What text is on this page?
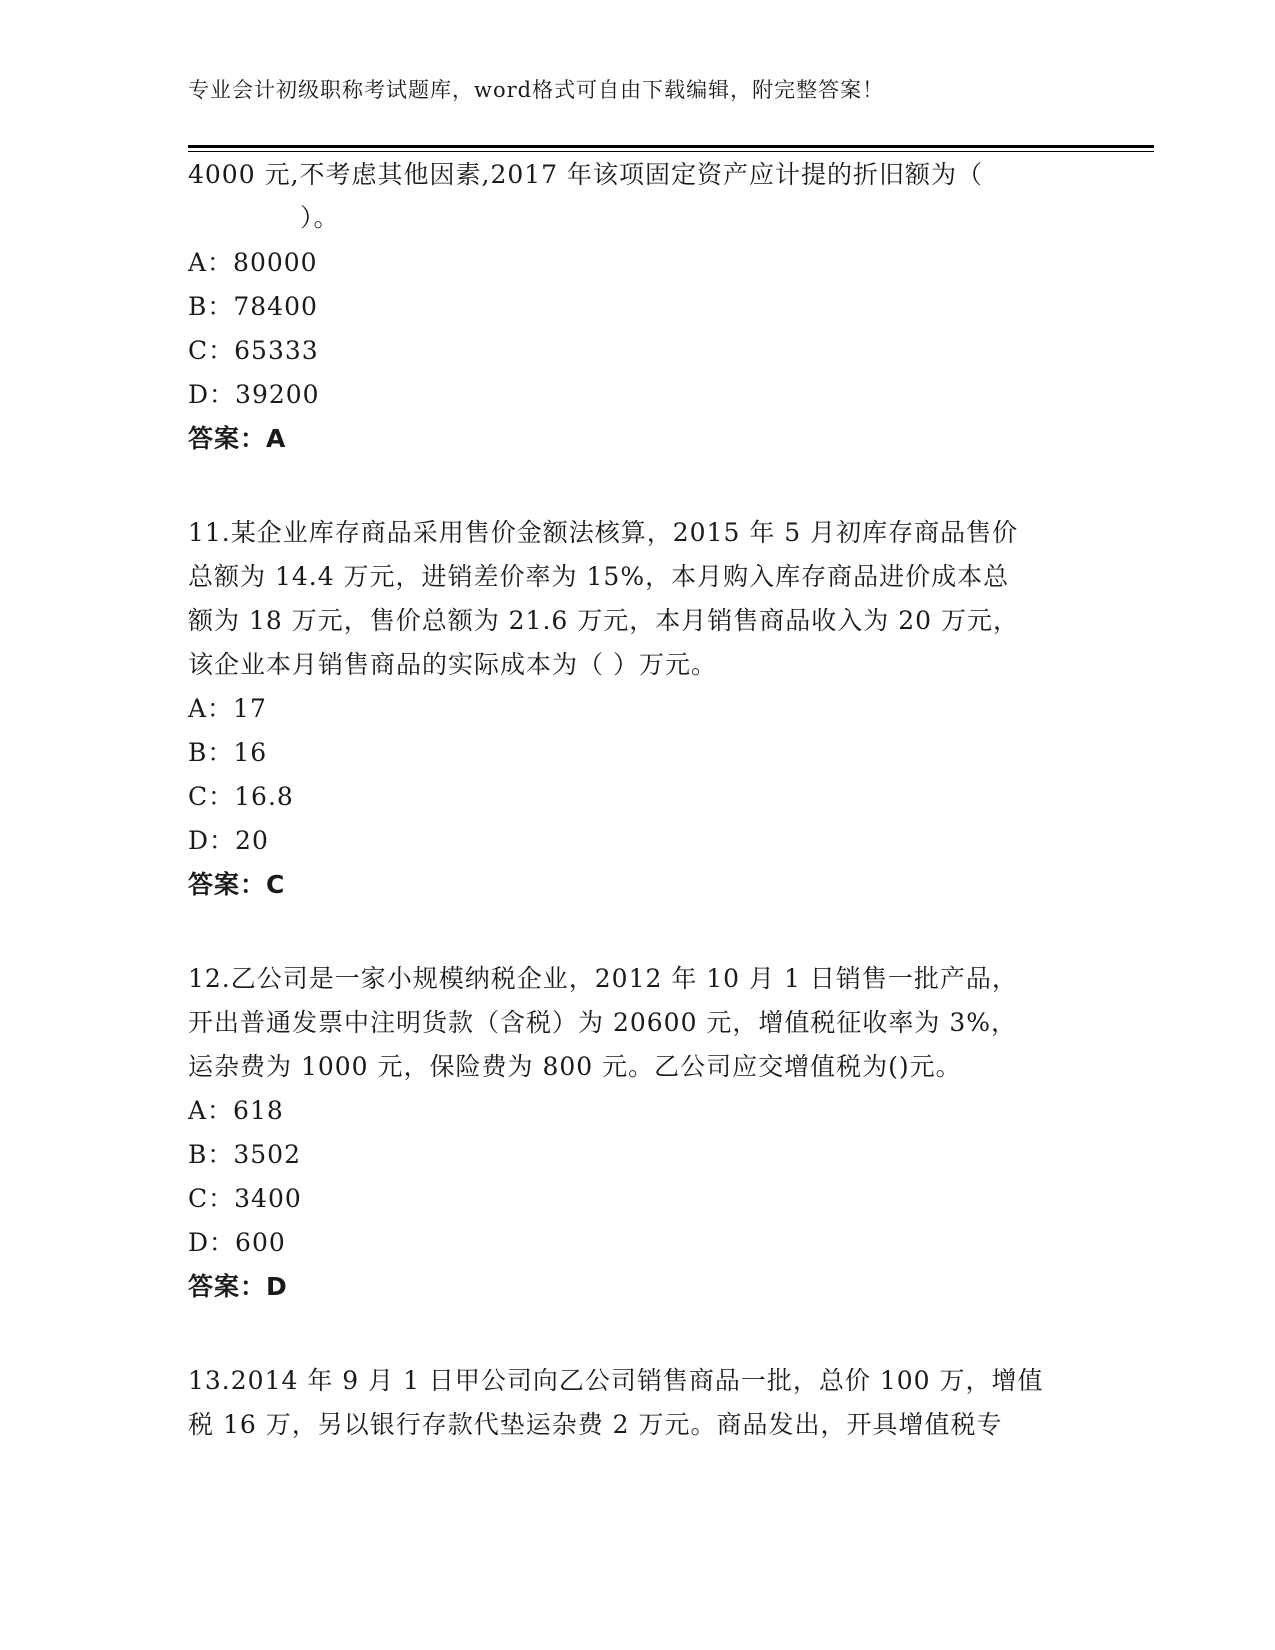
专业会计初级职称考试题库，word格式可自由下载编辑，附完整答案！
4000 元,不考虑其他因素,2017 年该项固定资产应计提的折旧额为（
）。
A：80000
B：78400
C：65333
D：39200
答案：A
11.某企业库存商品采用售价金额法核算，2015 年 5 月初库存商品售价
总额为 14.4 万元，进销差价率为 15%，本月购入库存商品进价成本总
额为 18 万元，售价总额为 21.6 万元，本月销售商品收入为 20 万元，
该企业本月销售商品的实际成本为（ ）万元。
A：17
B：16
C：16.8
D：20
答案：C
12.乙公司是一家小规模纳税企业，2012 年 10 月 1 日销售一批产品，
开出普通发票中注明货款（含税）为 20600 元，增值税征收率为 3%，
运杂费为 1000 元，保险费为 800 元。乙公司应交增值税为()元。
A：618
B：3502
C：3400
D：600
答案：D
13.2014 年 9 月 1 日甲公司向乙公司销售商品一批，总价 100 万，增值
税 16 万，另以银行存款代垫运杂费 2 万元。商品发出，开具增值税专
